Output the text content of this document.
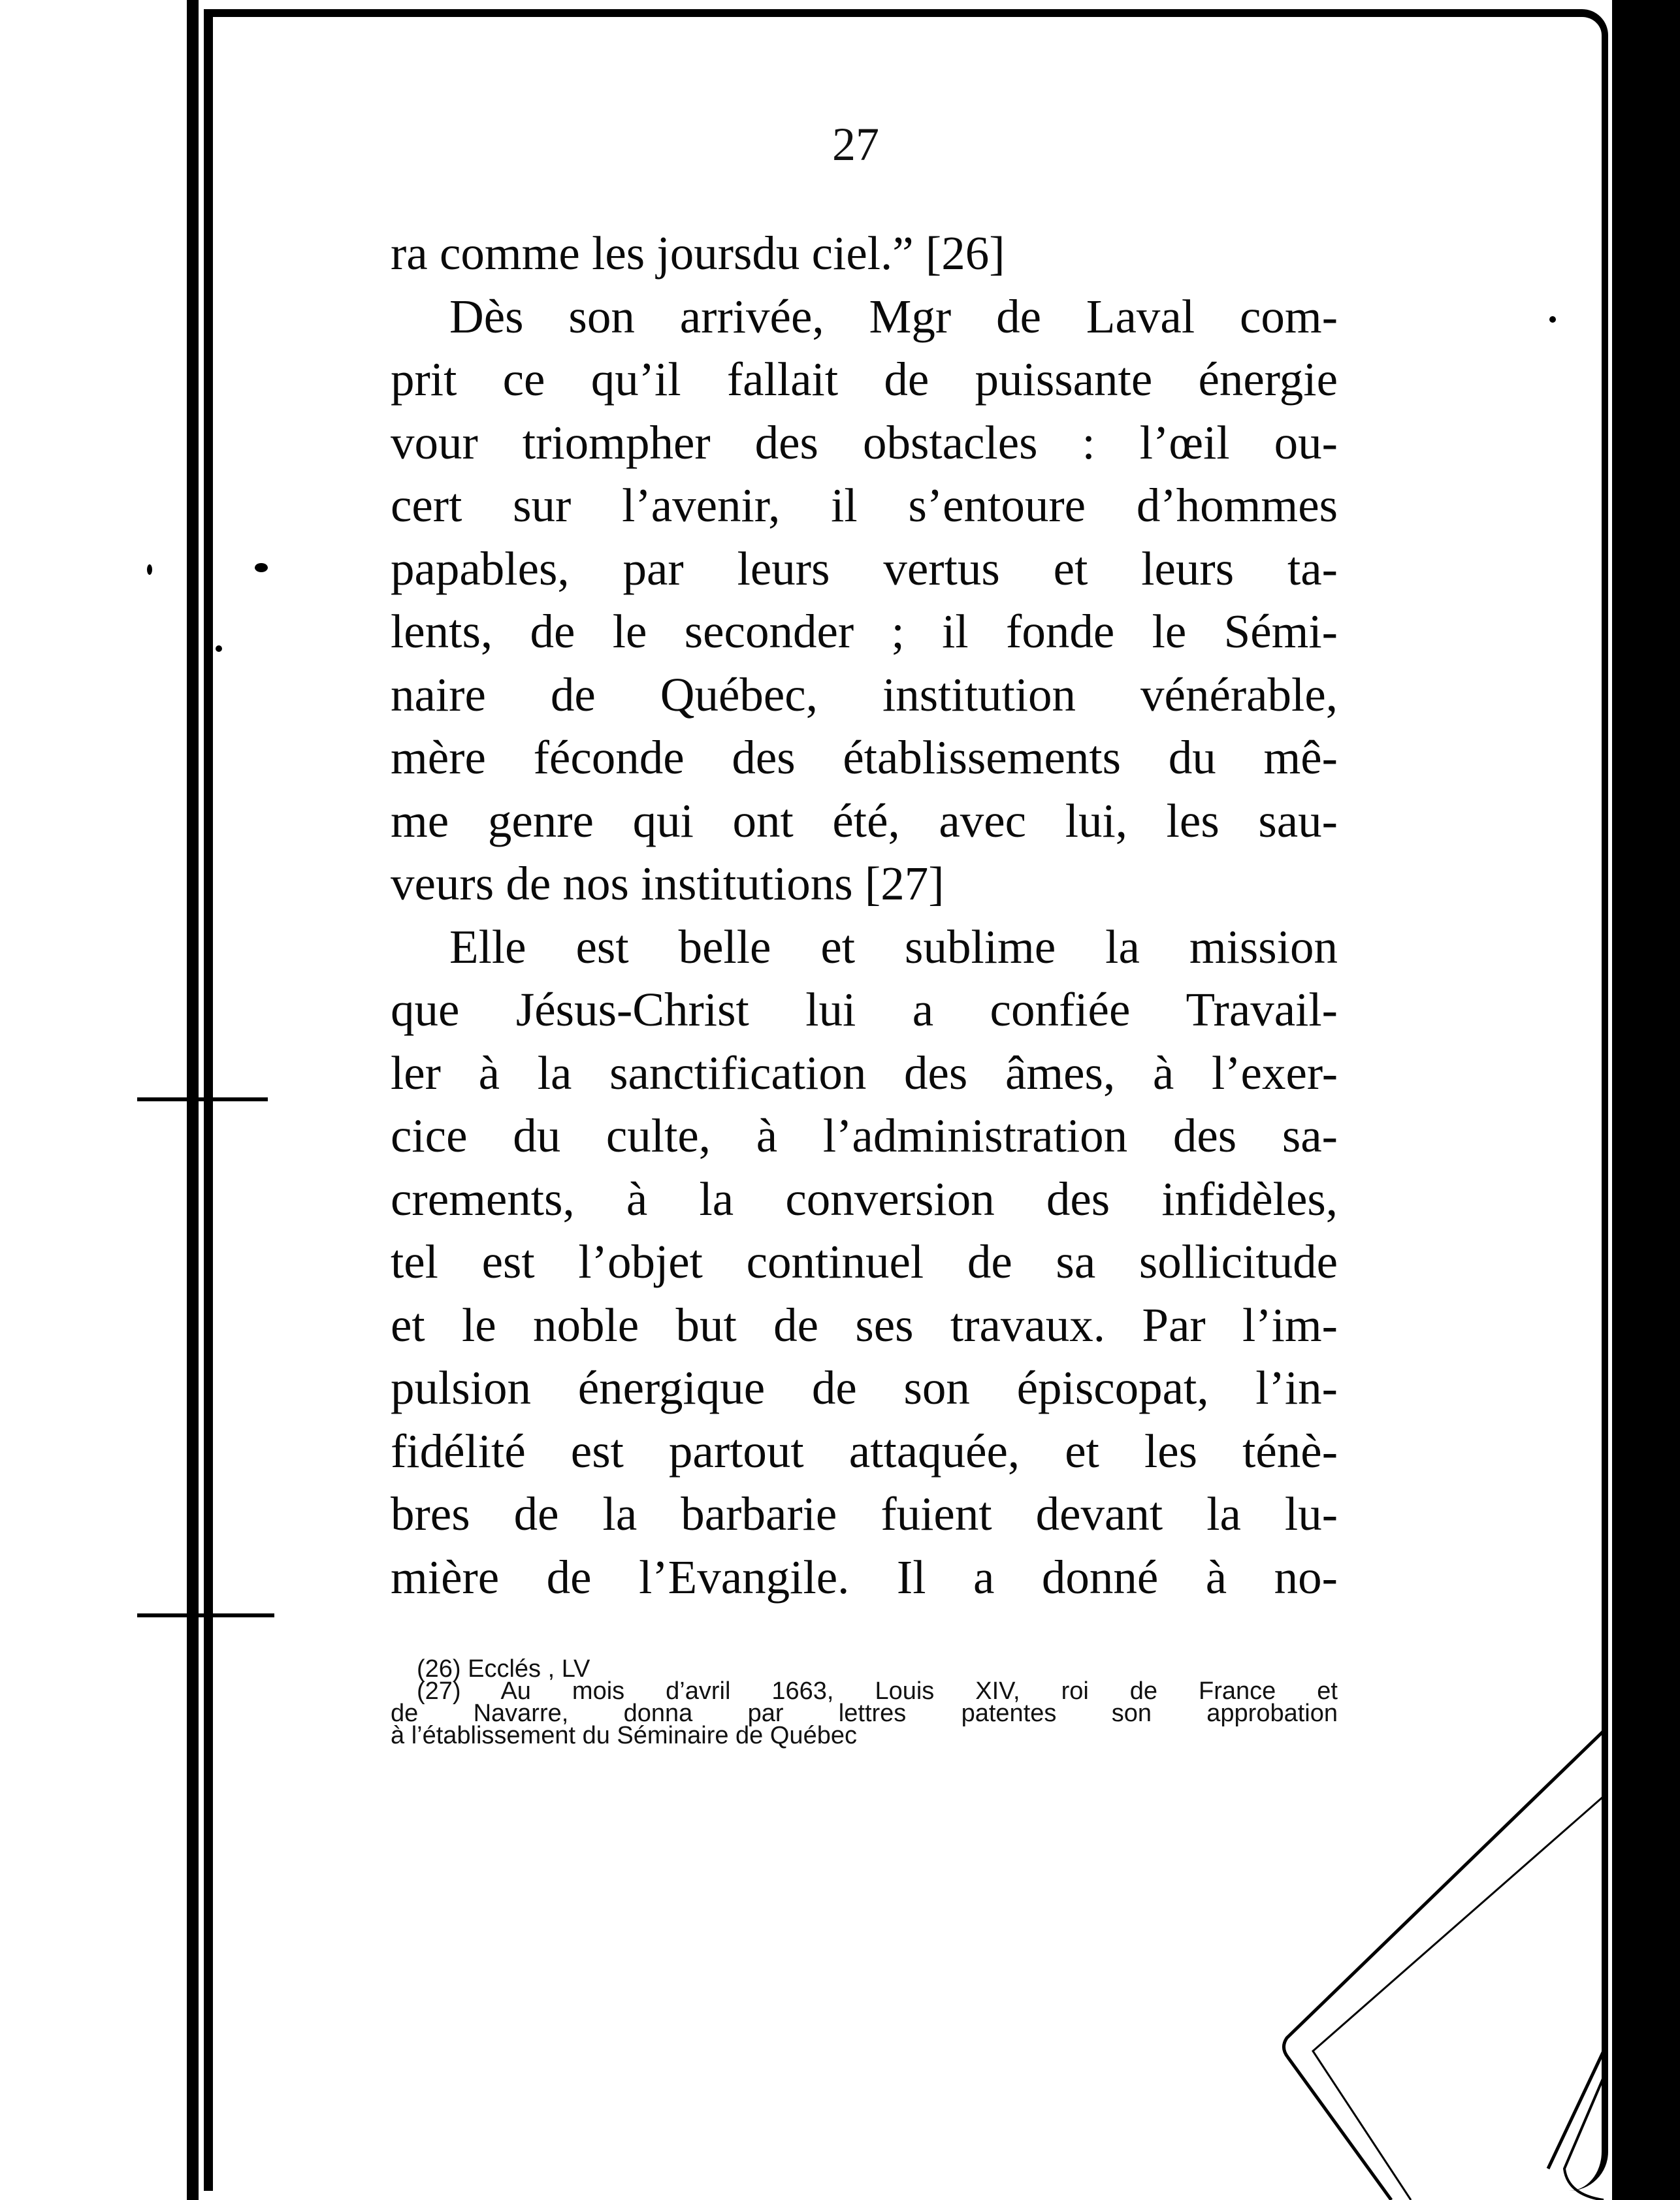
27
ra comme les joursdu ciel.” [26]
Dès son arrivée, Mgr de Laval com-
prit ce qu’il fallait de puissante énergie
vour triompher des obstacles : l’œil ou-
cert sur l’avenir, il s’entoure d’hommes
papables, par leurs vertus et leurs ta-
lents, de le seconder ; il fonde le Sémi-
naire de Québec, institution vénérable,
mère féconde des établissements du mê-
me genre qui ont été, avec lui, les sau-
veurs de nos institutions [27]
Elle est belle et sublime la mission
que Jésus-Christ lui a confiée Travail-
ler à la sanctification des âmes, à l’exer-
cice du culte, à l’administration des sa-
crements, à la conversion des infidèles,
tel est l’objet continuel de sa sollicitude
et le noble but de ses travaux. Par l’im-
pulsion énergique de son épiscopat, l’in-
fidélité est partout attaquée, et les ténè-
bres de la barbarie fuient devant la lu-
mière de l’Evangile. Il a donné à no-
(26) Ecclés , LV
(27) Au mois d’avril 1663, Louis XIV, roi de France et
de Navarre, donna par lettres patentes son approbation
à l’établissement du Séminaire de Québec
